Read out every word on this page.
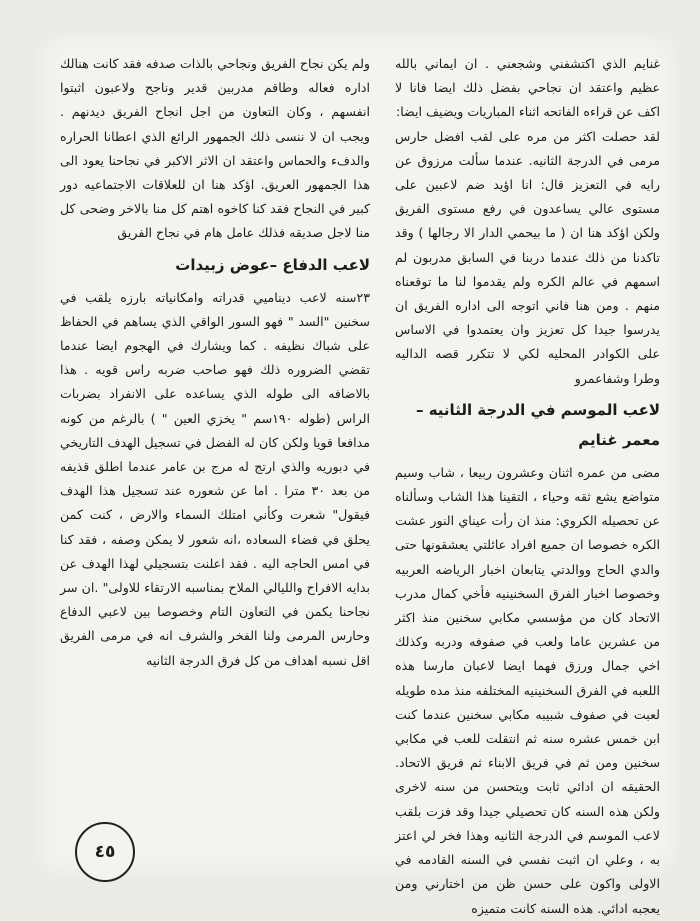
غنايم الذي اكتشفني وشجعني . ان ايماني بالله عظيم واعتقد ان نجاحي بفضل ذلك ايضا فانا لا اكف عن قراءه الفاتحه اثناء المباريات ويضيف ايضا:

لقد حصلت اكثر من مره على لقب افضل حارس مرمى في الدرجة الثانيه. عندما سألت مرزوق عن رايه في التعزيز قال: انا اؤيد ضم لاعبين على مستوى عالي يساعدون في رفع مستوى الفريق ولكن اؤكد هنا ان ( ما بيحمي الدار الا رجالها ) وقد تاكدنا من ذلك عندما دربنا في السابق مدربون لم اسمهم في عالم الكره ولم يقدموا لنا ما توقعناه منهم . ومن هنا فاني اتوجه الى اداره الفريق ان يدرسوا جيدا كل تعزيز وان يعتمدوا في الاساس على الكوادر المحليه لكي لا تتكرر قصه الداليه وطرا وشفاعمرو

لاعب الموسم في الدرجة الثانيه –معمر غنايم

مضى من عمره اثنان وعشرون ربيعا ، شاب وسيم متواضع يشع ثقه وحياء ، التقينا هذا الشاب وسألناه عن تحصيله الكروي: منذ ان رأت عيناي النور عشت الكره خصوصا ان جميع افراد عائلتي يعشقونها حتى والدي الحاج ووالدتي يتابعان اخبار الرياضه العربيه وخصوصا اخبار الفرق السخنينيه فأخي كمال مدرب الاتحاد كان من مؤسسي مكابي سخنين منذ اكثر من عشرين عاما ولعب في صفوفه ودربه وكذلك اخي جمال ورزق فهما ايضا لاعبان مارسا هذه اللعبه في الفرق السخنينيه المختلفه منذ مده طويله لعبت في صفوف شبيبه مكابي سخنين عندما كنت ابن خمس عشره سنه ثم انتقلت للعب في مكابي سخنين ومن ثم في فريق الابناء ثم فريق الاتحاد. الحقيقه ان ادائي ثابت ويتحسن من سنه لاخرى ولكن هذه السنه كان تحصيلي جيدا وقد فزت بلقب لاعب الموسم في الدرجة الثانيه وهذا فخر لي اعتز به ، وعلي ان اثبت نفسي في السنه القادمه في الاولى واكون على حسن ظن من اختارني ومن يعجبه ادائي. هذه السنه كانت متميزه

ولم يكن نجاح الفريق ونجاحي بالذات صدفه فقد كانت هنالك اداره فعاله وطاقم مدربين قدير وناجح ولاعبون اثبتوا انفسهم ، وكان التعاون من اجل انجاح الفريق ديدنهم . ويجب ان لا ننسى ذلك الجمهور الرائع الذي اعطانا الحراره والدفء والحماس واعتقد ان الاثر الاكبر في نجاحنا يعود الى هذا الجمهور العريق. اؤكد هنا ان للعلاقات الاجتماعيه دور كبير في النجاح فقد كنا كاخوه اهتم كل منا بالاخر وضحى كل منا لاجل صديقه فذلك عامل هام في نجاح الفريق

لاعب الدفاع –عوض زبيدات

٢٣سنه لاعب ديناميي قدراته وامكانياته بارزه يلقب في سخنين "السد " فهو السور الواقي الذي يساهم في الحفاظ على شباك نظيفه . كما ويشارك في الهجوم ايضا عندما تقضي الضروره ذلك فهو صاحب ضربه راس قويه . هذا بالاضافه الى طوله الذي يساعده على الانفراد بضربات الراس (طوله ١٩٠سم " يخزي العين " ) بالرغم من كونه مدافعا قويا ولكن كان له الفضل في تسجيل الهدف التاريخي في دبوريه والذي ارتج له مرج بن عامر عندما اطلق قذيفه من بعد ٣٠ مترا . اما عن شعوره عند تسجيل هذا الهدف فيقول" شعرت وكأني امتلك السماء والارض ، كنت كمن يحلق في فضاء السعاده ،انه شعور لا يمكن وصفه ، فقد كنا في امس الحاجه اليه . فقد اعلنت بتسجيلي لهذا الهدف عن بدايه الافراح والليالي الملاح بمناسبه الارتقاء للاولى" .ان سر نجاحنا يكمن في التعاون التام وخصوصا بين لاعبي الدفاع وحارس المرمى ولنا الفخر والشرف انه في مرمى الفريق اقل نسبه اهداف من كل فرق الدرجة الثانيه

٤٥
